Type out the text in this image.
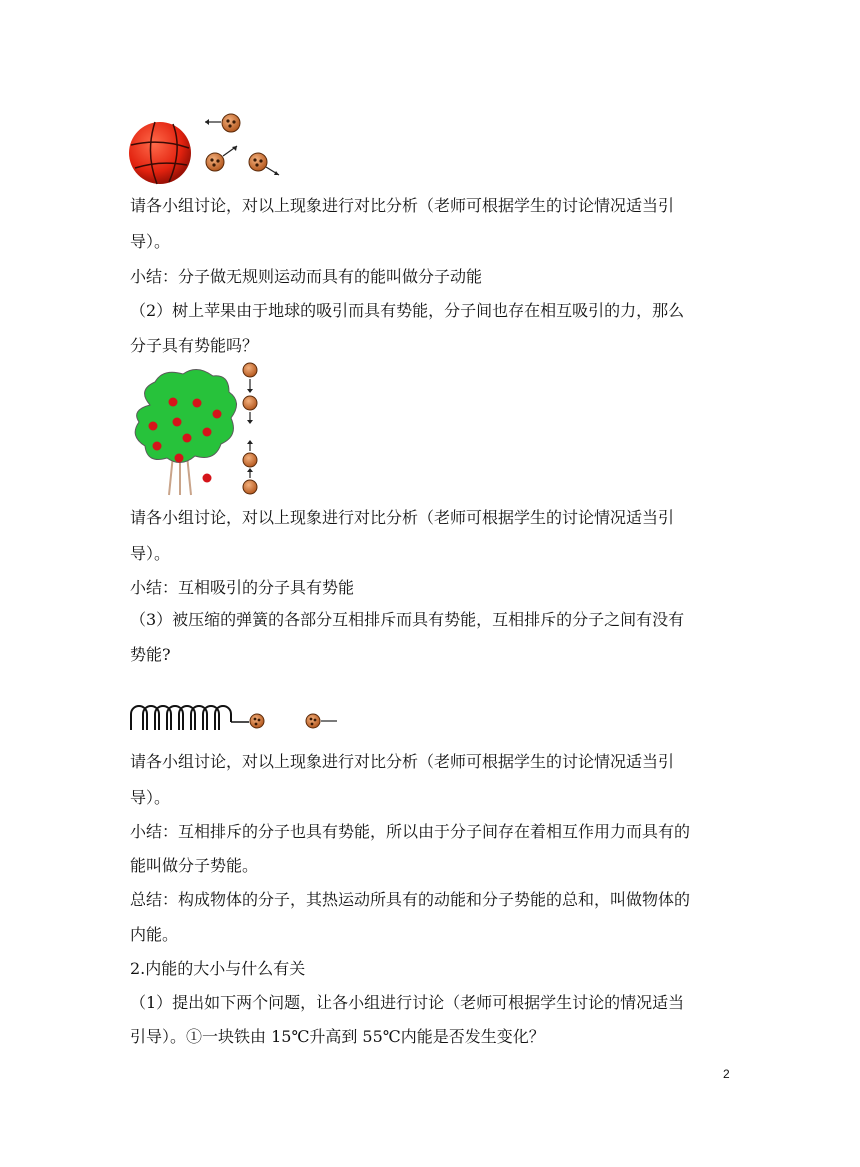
请各小组讨论，对以上现象进行对比分析（老师可根据学生的讨论情况适当引
导）。
小结：分子做无规则运动而具有的能叫做分子动能
（2）树上苹果由于地球的吸引而具有势能，分子间也存在相互吸引的力，那么
分子具有势能吗？
请各小组讨论，对以上现象进行对比分析（老师可根据学生的讨论情况适当引
导）。
小结：互相吸引的分子具有势能
（3）被压缩的弹簧的各部分互相排斥而具有势能，互相排斥的分子之间有没有
势能?
请各小组讨论，对以上现象进行对比分析（老师可根据学生的讨论情况适当引
导）。
小结：互相排斥的分子也具有势能，所以由于分子间存在着相互作用力而具有的
能叫做分子势能。
总结：构成物体的分子，其热运动所具有的动能和分子势能的总和，叫做物体的
内能。
2.内能的大小与什么有关
（1）提出如下两个问题，让各小组进行讨论（老师可根据学生讨论的情况适当
引导）。①一块铁由 15℃升高到 55℃内能是否发生变化？
2
